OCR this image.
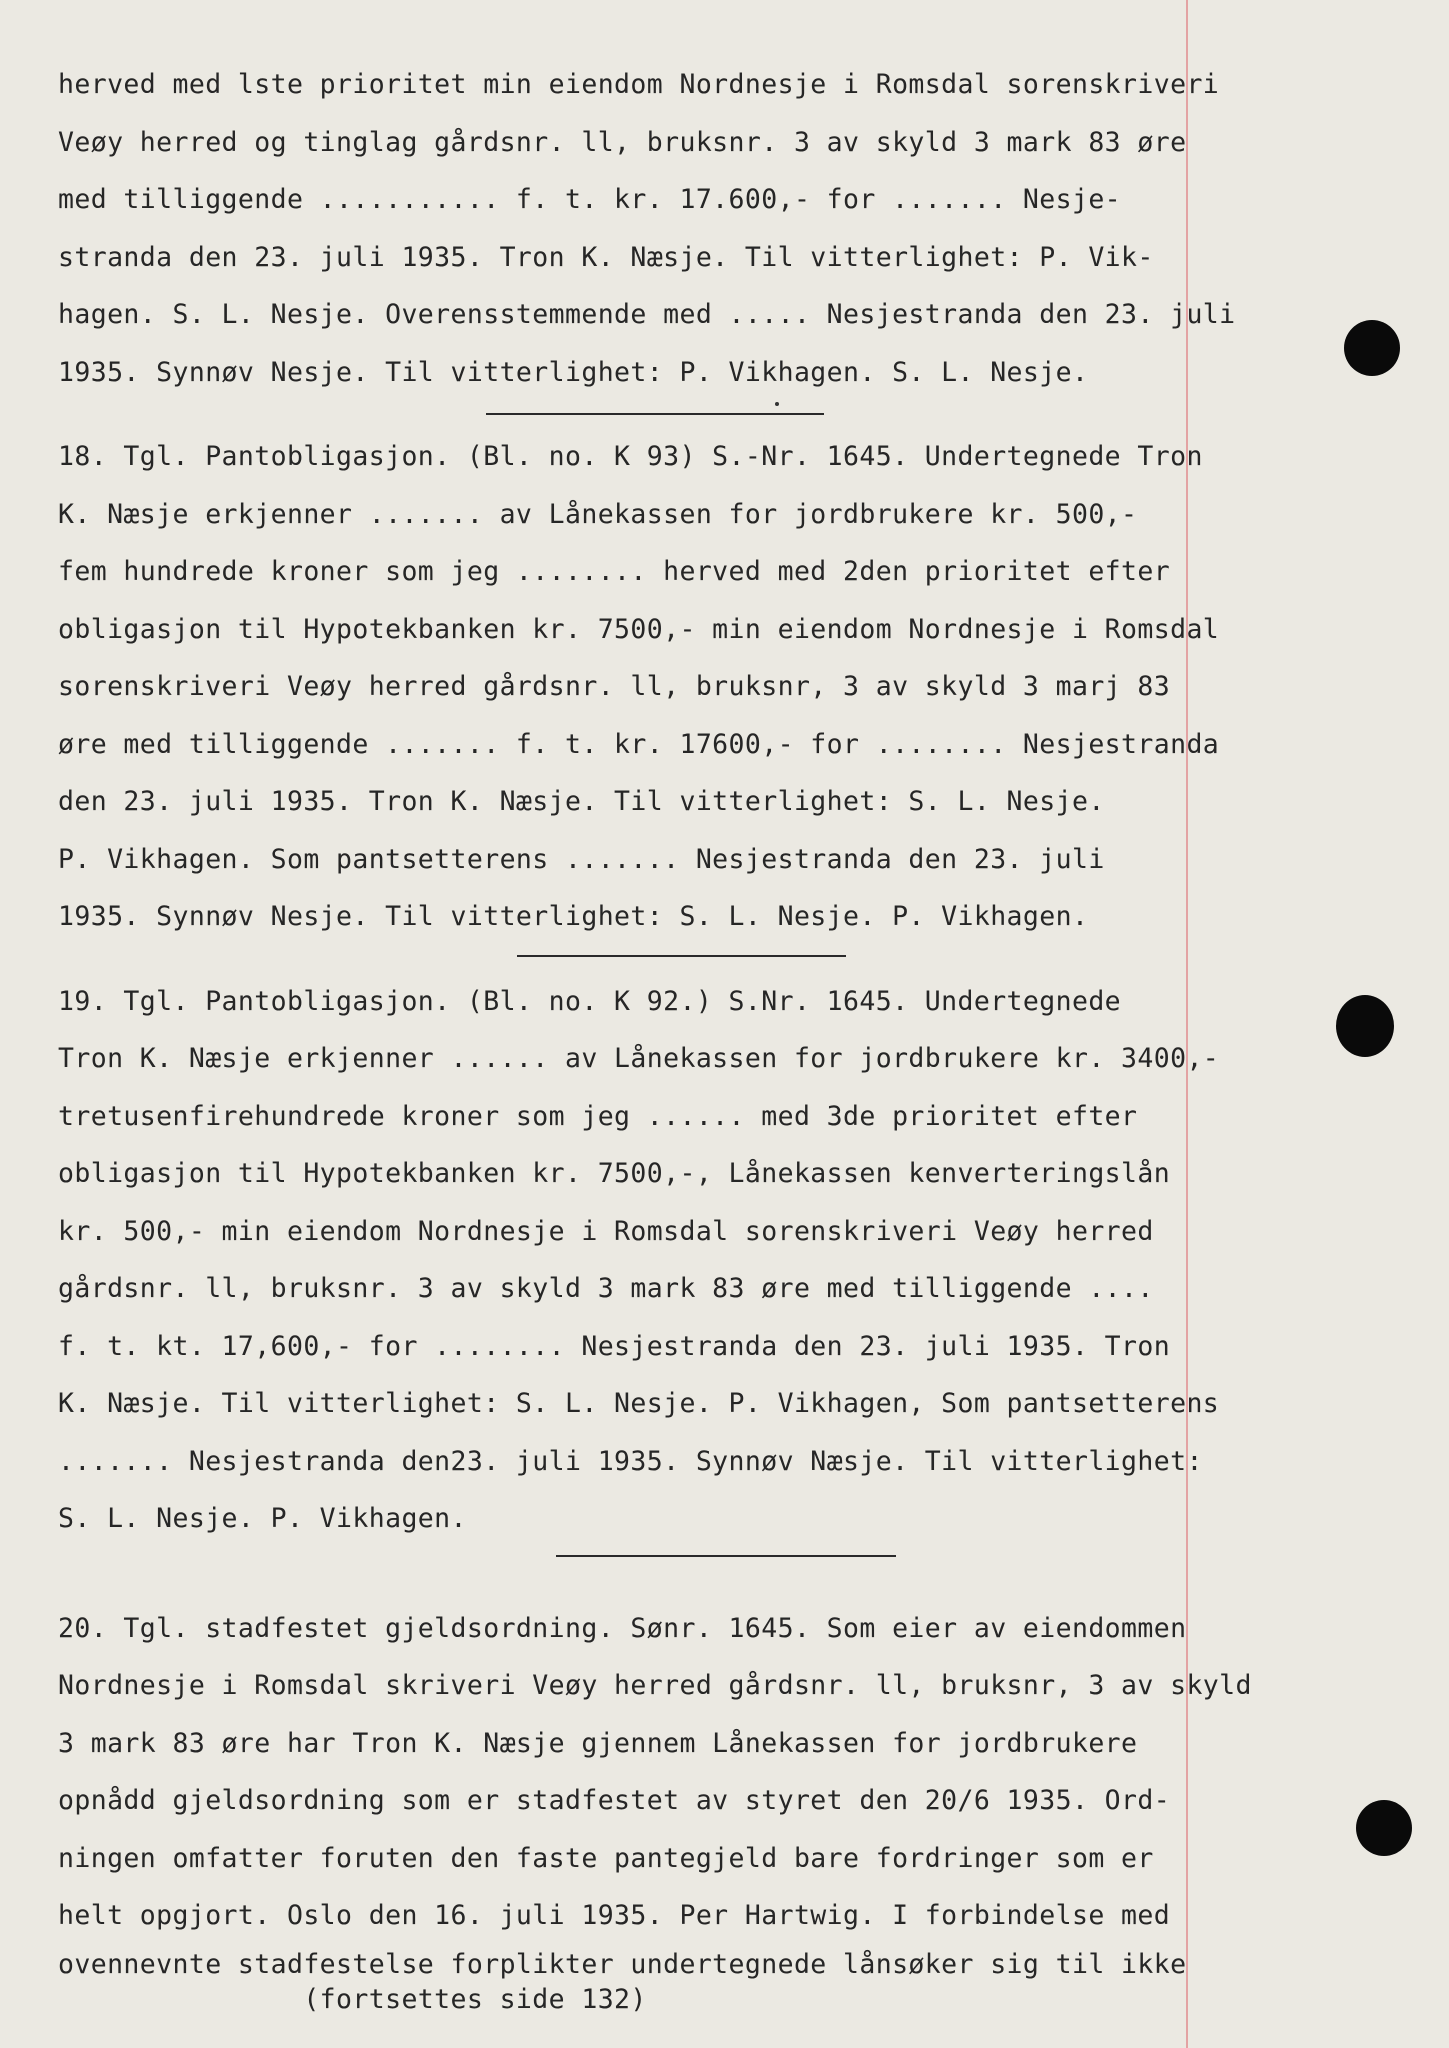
herved med lste prioritet min eiendom Nordnesje i Romsdal sorenskriveri
Veøy herred og tinglag gårdsnr. ll, bruksnr. 3 av skyld 3 mark 83 øre
med tilliggende ........... f. t. kr. 17.600,- for ....... Nesje-
stranda den 23. juli 1935. Tron K. Næsje. Til vitterlighet: P. Vik-
hagen. S. L. Nesje. Overensstemmende med ..... Nesjestranda den 23. juli
1935. Synnøv Nesje. Til vitterlighet: P. Vikhagen. S. L. Nesje.
18. Tgl. Pantobligasjon. (Bl. no. K 93) S.-Nr. 1645. Undertegnede Tron
K. Næsje erkjenner ....... av Lånekassen for jordbrukere kr. 500,-
fem hundrede kroner som jeg ........ herved med 2den prioritet efter
obligasjon til Hypotekbanken kr. 7500,- min eiendom Nordnesje i Romsdal
sorenskriveri Veøy herred gårdsnr. ll, bruksnr, 3 av skyld 3 marj 83
øre med tilliggende ....... f. t. kr. 17600,- for ........ Nesjestranda
den 23. juli 1935. Tron K. Næsje. Til vitterlighet: S. L. Nesje.
P. Vikhagen. Som pantsetterens ....... Nesjestranda den 23. juli
1935. Synnøv Nesje. Til vitterlighet: S. L. Nesje. P. Vikhagen.
19. Tgl. Pantobligasjon. (Bl. no. K 92.) S.Nr. 1645. Undertegnede
Tron K. Næsje erkjenner ...... av Lånekassen for jordbrukere kr. 3400,-
tretusenfirehundrede kroner som jeg ...... med 3de prioritet efter
obligasjon til Hypotekbanken kr. 7500,-, Lånekassen kenverteringslån
kr. 500,- min eiendom Nordnesje i Romsdal sorenskriveri Veøy herred
gårdsnr. ll, bruksnr. 3 av skyld 3 mark 83 øre med tilliggende ....
f. t. kt. 17,600,- for ........ Nesjestranda den 23. juli 1935. Tron
K. Næsje. Til vitterlighet: S. L. Nesje. P. Vikhagen, Som pantsetterens
....... Nesjestranda den23. juli 1935. Synnøv Næsje. Til vitterlighet:
S. L. Nesje. P. Vikhagen.
20. Tgl. stadfestet gjeldsordning. Sønr. 1645. Som eier av eiendommen
Nordnesje i Romsdal skriveri Veøy herred gårdsnr. ll, bruksnr, 3 av skyld
3 mark 83 øre har Tron K. Næsje gjennem Lånekassen for jordbrukere
opnådd gjeldsordning som er stadfestet av styret den 20/6 1935. Ord-
ningen omfatter foruten den faste pantegjeld bare fordringer som er
helt opgjort. Oslo den 16. juli 1935. Per Hartwig. I forbindelse med
ovennevnte stadfestelse forplikter undertegnede lånsøker sig til ikke
(fortsettes side 132)
